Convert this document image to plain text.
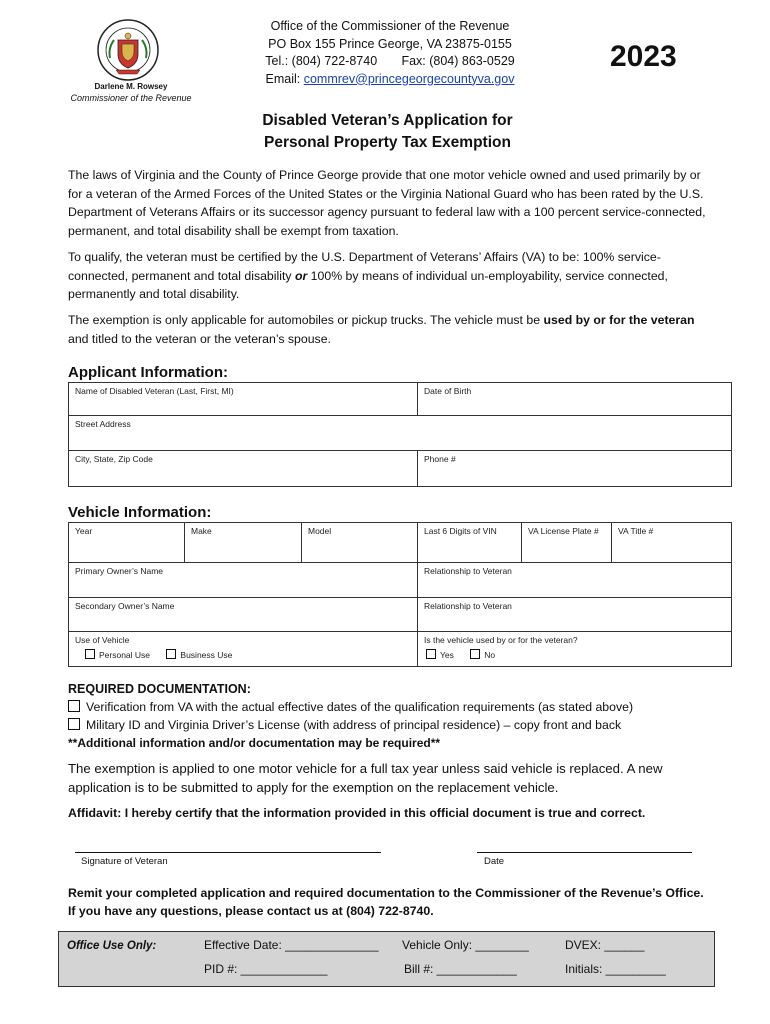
Darlene M. Rowsey
Commissioner of the Revenue
Office of the Commissioner of the Revenue
PO Box 155 Prince George, VA 23875-0155
Tel.: (804) 722-8740       Fax: (804) 863-0529
Email: commrev@princegeorgecountyva.gov
2023
Disabled Veteran’s Application for
Personal Property Tax Exemption
The laws of Virginia and the County of Prince George provide that one motor vehicle owned and used primarily by or for a veteran of the Armed Forces of the United States or the Virginia National Guard who has been rated by the U.S. Department of Veterans Affairs or its successor agency pursuant to federal law with a 100 percent service-connected, permanent, and total disability shall be exempt from taxation.
To qualify, the veteran must be certified by the U.S. Department of Veterans’ Affairs (VA) to be: 100% service-connected, permanent and total disability or 100% by means of individual un-employability, service connected, permanently and total disability.
The exemption is only applicable for automobiles or pickup trucks. The vehicle must be used by or for the veteran and titled to the veteran or the veteran’s spouse.
Applicant Information:
Name of Disabled Veteran (Last, First, MI)	Date of Birth
Street Address
City, State, Zip Code	Phone #
Vehicle Information:
Year	Make	Model	Last 6 Digits of VIN	VA License Plate #	VA Title #
Primary Owner’s Name	Relationship to Veteran
Secondary Owner’s Name	Relationship to Veteran
Use of Vehicle
Personal Use	Business Use
Is the vehicle used by or for the veteran?
Yes	No
REQUIRED DOCUMENTATION:
Verification from VA with the actual effective dates of the qualification requirements (as stated above)
Military ID and Virginia Driver’s License (with address of principal residence) – copy front and back
**Additional information and/or documentation may be required**
The exemption is applied to one motor vehicle for a full tax year unless said vehicle is replaced. A new application is to be submitted to apply for the exemption on the replacement vehicle.
Affidavit: I hereby certify that the information provided in this official document is true and correct.
Signature of Veteran	Date
Remit your completed application and required documentation to the Commissioner of the Revenue’s Office.
If you have any questions, please contact us at (804) 722-8740.
Office Use Only:	Effective Date: ______________ Vehicle Only: ________	DVEX: ______
PID #: _____________	Bill #: ____________	Initials: _________
